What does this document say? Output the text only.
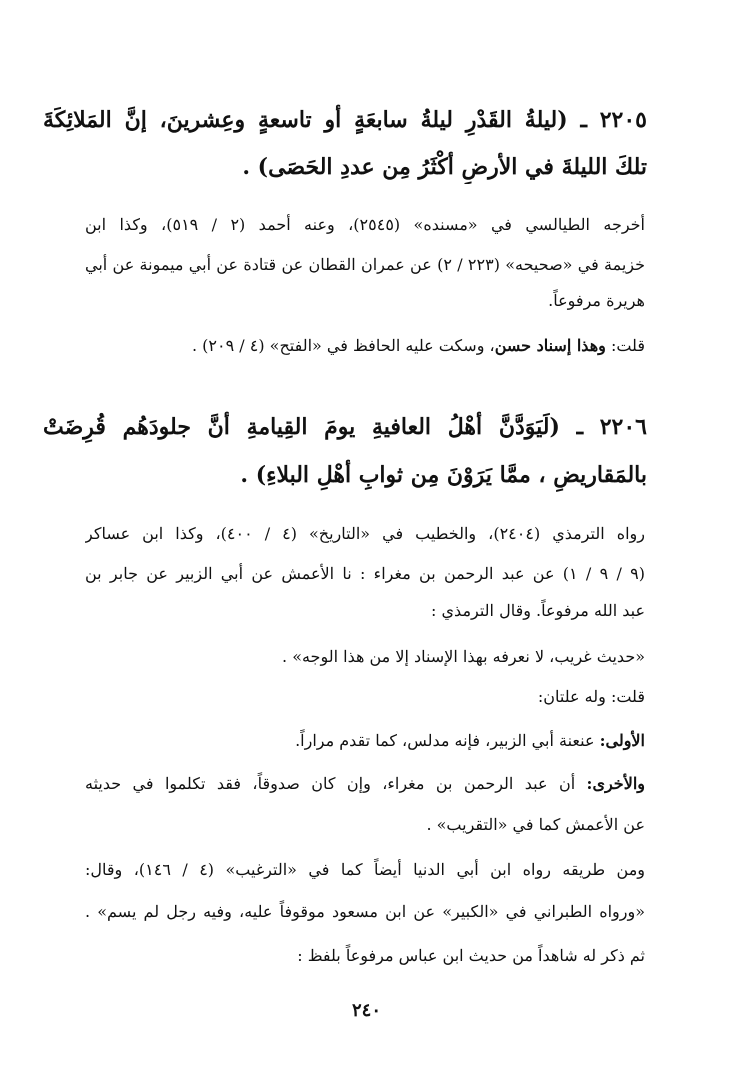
٢٢٠٥ ـ (ليلةُ القَدْرِ ليلةُ سابعَةٍ أو تاسعةٍ وعِشرينَ، إنَّ المَلائِكَةَ
تلكَ الليلةَ في الأرضِ أكْثَرُ مِن عددِ الحَصَى) .
أخرجه الطيالسي في «مسنده» (٢٥٤٥)، وعنه أحمد (٢ / ٥١٩)، وكذا ابن
خزيمة في «صحيحه» (٢٢٣ / ٢) عن عمران القطان عن قتادة عن أبي ميمونة عن أبي
هريرة مرفوعاً.
قلت: وهذا إسناد حسن، وسكت عليه الحافظ في «الفتح» (٤ / ٢٠٩) .
٢٢٠٦ ـ (لَيَوَدَّنَّ أهْلُ العافيةِ يومَ القِيامةِ أنَّ جلودَهُم قُرِضَتْ
بالمَقاريضِ ، ممَّا يَرَوْنَ مِن ثوابِ أهْلِ البلاءِ) .
رواه الترمذي (٢٤٠٤)، والخطيب في «التاريخ» (٤ / ٤٠٠)، وكذا ابن عساكر
(٩ / ٩ / ١) عن عبد الرحمن بن مغراء : نا الأعمش عن أبي الزبير عن جابر بن
عبد الله مرفوعاً. وقال الترمذي :
«حديث غريب، لا نعرفه بهذا الإسناد إلا من هذا الوجه» .
قلت: وله علتان:
الأولى: عنعنة أبي الزبير، فإنه مدلس، كما تقدم مراراً.
والأخرى: أن عبد الرحمن بن مغراء، وإن كان صدوقاً، فقد تكلموا في حديثه
عن الأعمش كما في «التقريب» .
ومن طريقه رواه ابن أبي الدنيا أيضاً كما في «الترغيب» (٤ / ١٤٦)، وقال:
«ورواه الطبراني في «الكبير» عن ابن مسعود موقوفاً عليه، وفيه رجل لم يسم» .
ثم ذكر له شاهداً من حديث ابن عباس مرفوعاً بلفظ :
٢٤٠
